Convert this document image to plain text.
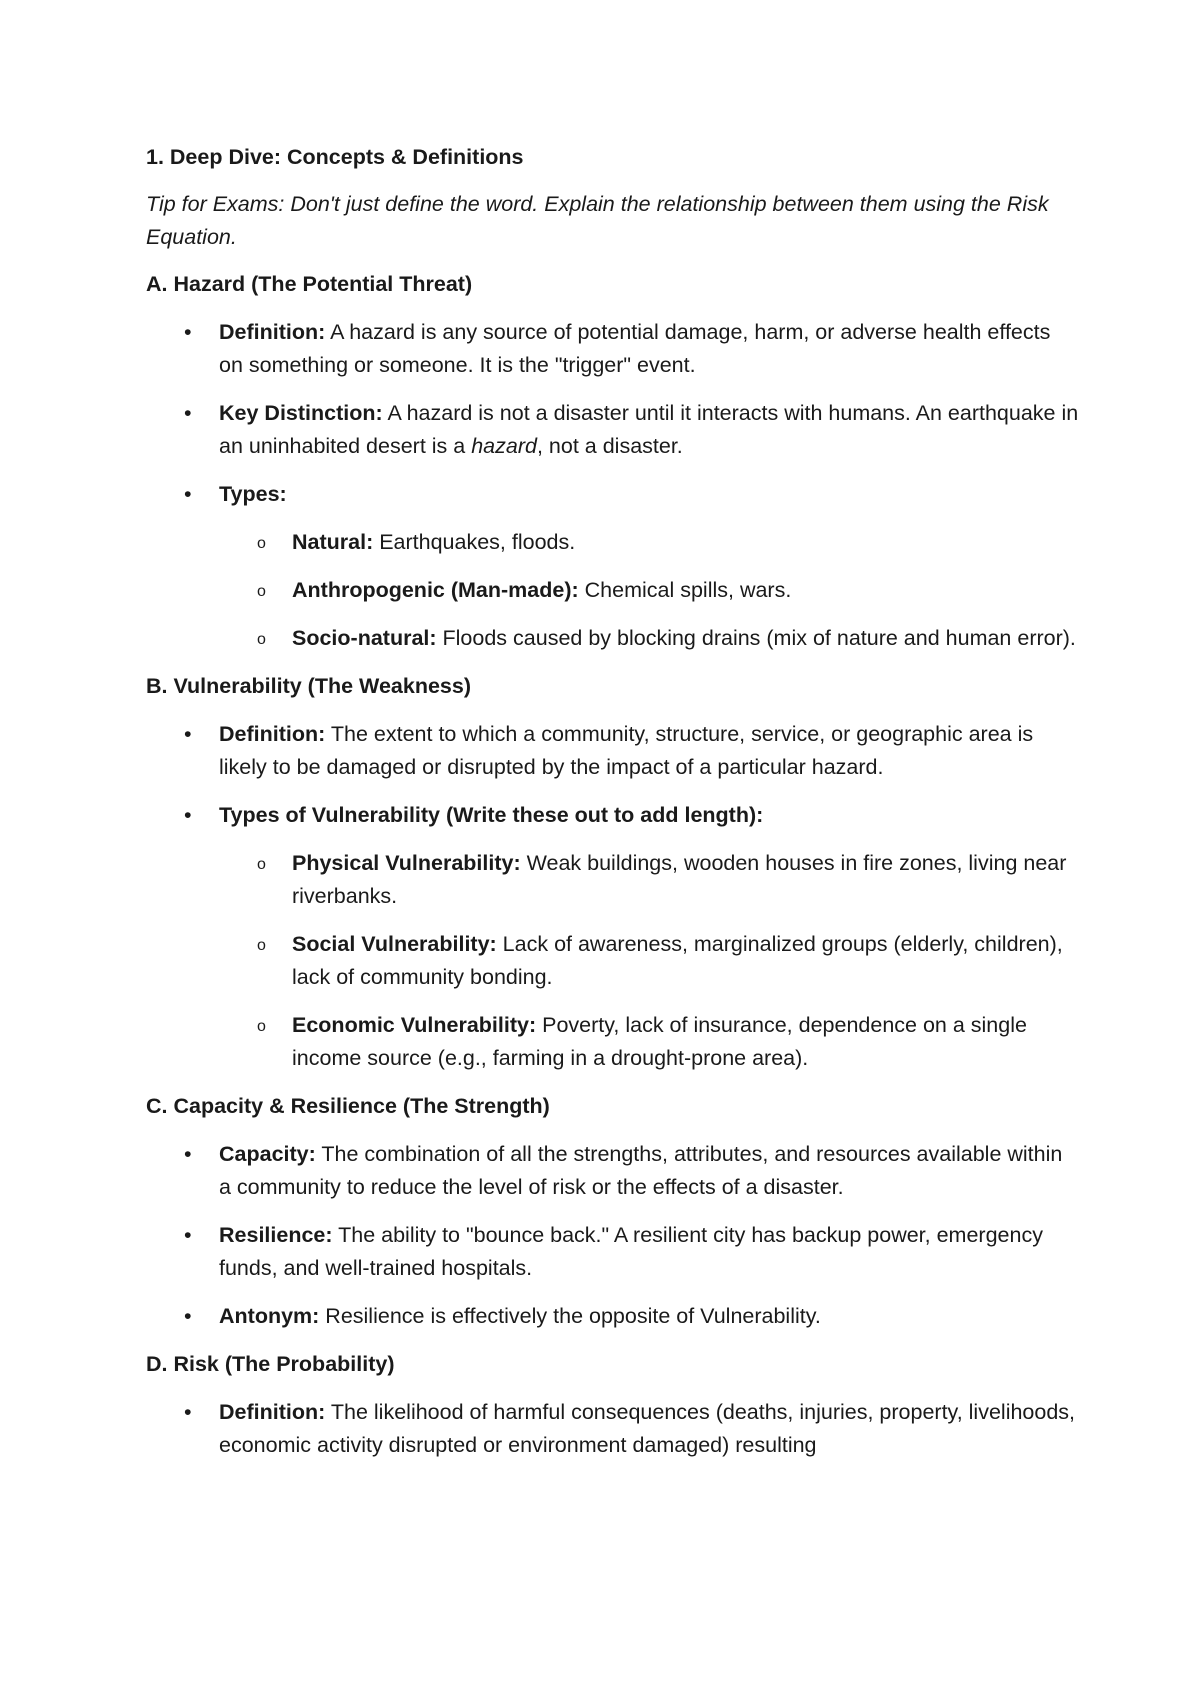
1. Deep Dive: Concepts & Definitions

Tip for Exams: Don't just define the word. Explain the relationship between them using the Risk Equation.

A. Hazard (The Potential Threat)
• Definition: A hazard is any source of potential damage, harm, or adverse health effects on something or someone. It is the "trigger" event.
• Key Distinction: A hazard is not a disaster until it interacts with humans. An earthquake in an uninhabited desert is a hazard, not a disaster.
• Types:
o Natural: Earthquakes, floods.
o Anthropogenic (Man-made): Chemical spills, wars.
o Socio-natural: Floods caused by blocking drains (mix of nature and human error).
B. Vulnerability (The Weakness)
• Definition: The extent to which a community, structure, service, or geographic area is likely to be damaged or disrupted by the impact of a particular hazard.
• Types of Vulnerability (Write these out to add length):
o Physical Vulnerability: Weak buildings, wooden houses in fire zones, living near riverbanks.
o Social Vulnerability: Lack of awareness, marginalized groups (elderly, children), lack of community bonding.
o Economic Vulnerability: Poverty, lack of insurance, dependence on a single income source (e.g., farming in a drought-prone area).
C. Capacity & Resilience (The Strength)
• Capacity: The combination of all the strengths, attributes, and resources available within a community to reduce the level of risk or the effects of a disaster.
• Resilience: The ability to "bounce back." A resilient city has backup power, emergency funds, and well-trained hospitals.
• Antonym: Resilience is effectively the opposite of Vulnerability.
D. Risk (The Probability)
• Definition: The likelihood of harmful consequences (deaths, injuries, property, livelihoods, economic activity disrupted or environment damaged) resulting
